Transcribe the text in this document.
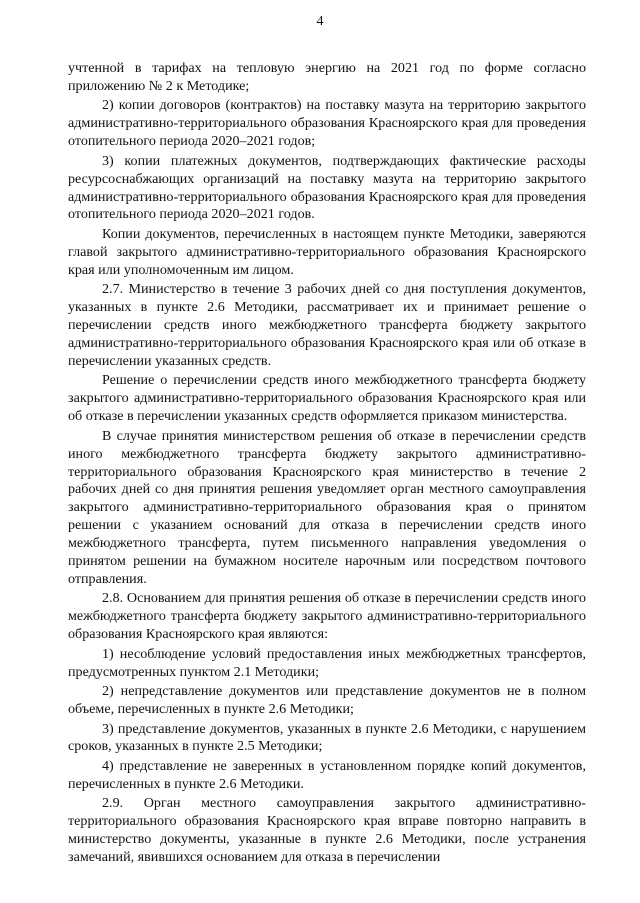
4

учтенной в тарифах на тепловую энергию на 2021 год по форме согласно приложению № 2 к Методике;

2) копии договоров (контрактов) на поставку мазута на территорию закрытого административно-территориального образования Красноярского края для проведения отопительного периода 2020–2021 годов;

3) копии платежных документов, подтверждающих фактические расходы ресурсоснабжающих организаций на поставку мазута на территорию закрытого административно-территориального образования Красноярского края для проведения отопительного периода 2020–2021 годов.

Копии документов, перечисленных в настоящем пункте Методики, заверяются главой закрытого административно-территориального образования Красноярского края или уполномоченным им лицом.

2.7. Министерство в течение 3 рабочих дней со дня поступления документов, указанных в пункте 2.6 Методики, рассматривает их и принимает решение о перечислении средств иного межбюджетного трансферта бюджету закрытого административно-территориального образования Красноярского края или об отказе в перечислении указанных средств.

Решение о перечислении средств иного межбюджетного трансферта бюджету закрытого административно-территориального образования Красноярского края или об отказе в перечислении указанных средств оформляется приказом министерства.

В случае принятия министерством решения об отказе в перечислении средств иного межбюджетного трансферта бюджету закрытого административно-территориального образования Красноярского края министерство в течение 2 рабочих дней со дня принятия решения уведомляет орган местного самоуправления закрытого административно-территориального образования края о принятом решении с указанием оснований для отказа в перечислении средств иного межбюджетного трансферта, путем письменного направления уведомления о принятом решении на бумажном носителе нарочным или посредством почтового отправления.

2.8. Основанием для принятия решения об отказе в перечислении средств иного межбюджетного трансферта бюджету закрытого административно-территориального образования Красноярского края являются:

1) несоблюдение условий предоставления иных межбюджетных трансфертов, предусмотренных пунктом 2.1 Методики;

2) непредставление документов или представление документов не в полном объеме, перечисленных в пункте 2.6 Методики;

3) представление документов, указанных в пункте 2.6 Методики, с нарушением сроков, указанных в пункте 2.5 Методики;

4) представление не заверенных в установленном порядке копий документов, перечисленных в пункте 2.6 Методики.

2.9. Орган местного самоуправления закрытого административно-территориального образования Красноярского края вправе повторно направить в министерство документы, указанные в пункте 2.6 Методики, после устранения замечаний, явившихся основанием для отказа в перечислении
